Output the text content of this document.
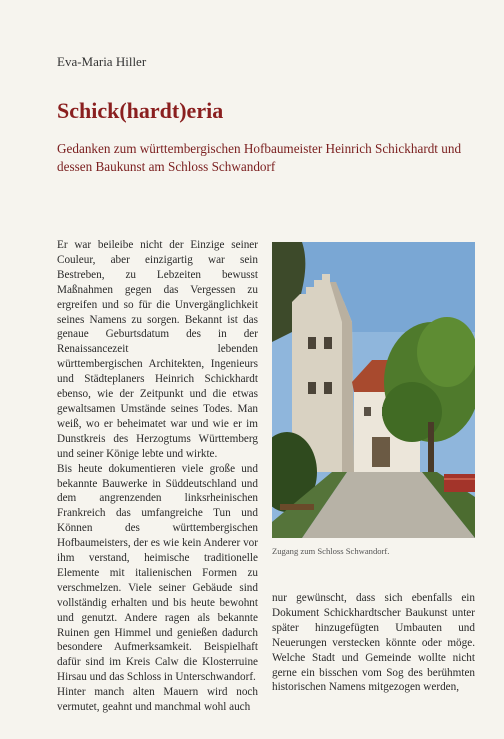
Eva-Maria Hiller
Schick(hardt)eria
Gedanken zum württembergischen Hofbaumeister Heinrich Schickhardt und dessen Baukunst am Schloss Schwandorf

Er war beileibe nicht der Einzige seiner Couleur, aber einzigartig war sein Bestreben, zu Lebzeiten bewusst Maßnahmen gegen das Vergessen zu ergreifen und so für die Unvergänglichkeit seines Namens zu sorgen. Bekannt ist das genaue Geburtsdatum des in der Renaissancezeit lebenden württembergischen Architekten, Ingenieurs und Städteplaners Heinrich Schickhardt ebenso, wie der Zeitpunkt und die etwas gewaltsamen Umstände seines Todes. Man weiß, wo er beheimatet war und wie er im Dunstkreis des Herzogtums Württemberg und seiner Könige lebte und wirkte.

Bis heute dokumentieren viele große und bekannte Bauwerke in Süddeutschland und dem angrenzenden linksrheinischen Frankreich das umfangreiche Tun und Können des württembergischen Hofbaumeisters, der es wie kein Anderer vor ihm verstand, heimische traditionelle Elemente mit italienischen Formen zu verschmelzen. Viele seiner Gebäude sind vollständig erhalten und bis heute bewohnt und genutzt. Andere ragen als bekannte Ruinen gen Himmel und genießen dadurch besondere Aufmerksamkeit. Beispielhaft dafür sind im Kreis Calw die Klosterruine Hirsau und das Schloss in Unterschwandorf.

Hinter manch alten Mauern wird noch vermutet, geahnt und manchmal wohl auch

Zugang zum Schloss Schwandorf.

nur gewünscht, dass sich ebenfalls ein Dokument Schickhardtscher Baukunst unter später hinzugefügten Umbauten und Neuerungen verstecken könnte oder möge. Welche Stadt und Gemeinde wollte nicht gerne ein bisschen vom Sog des berühmten historischen Namens mitgezogen werden,
